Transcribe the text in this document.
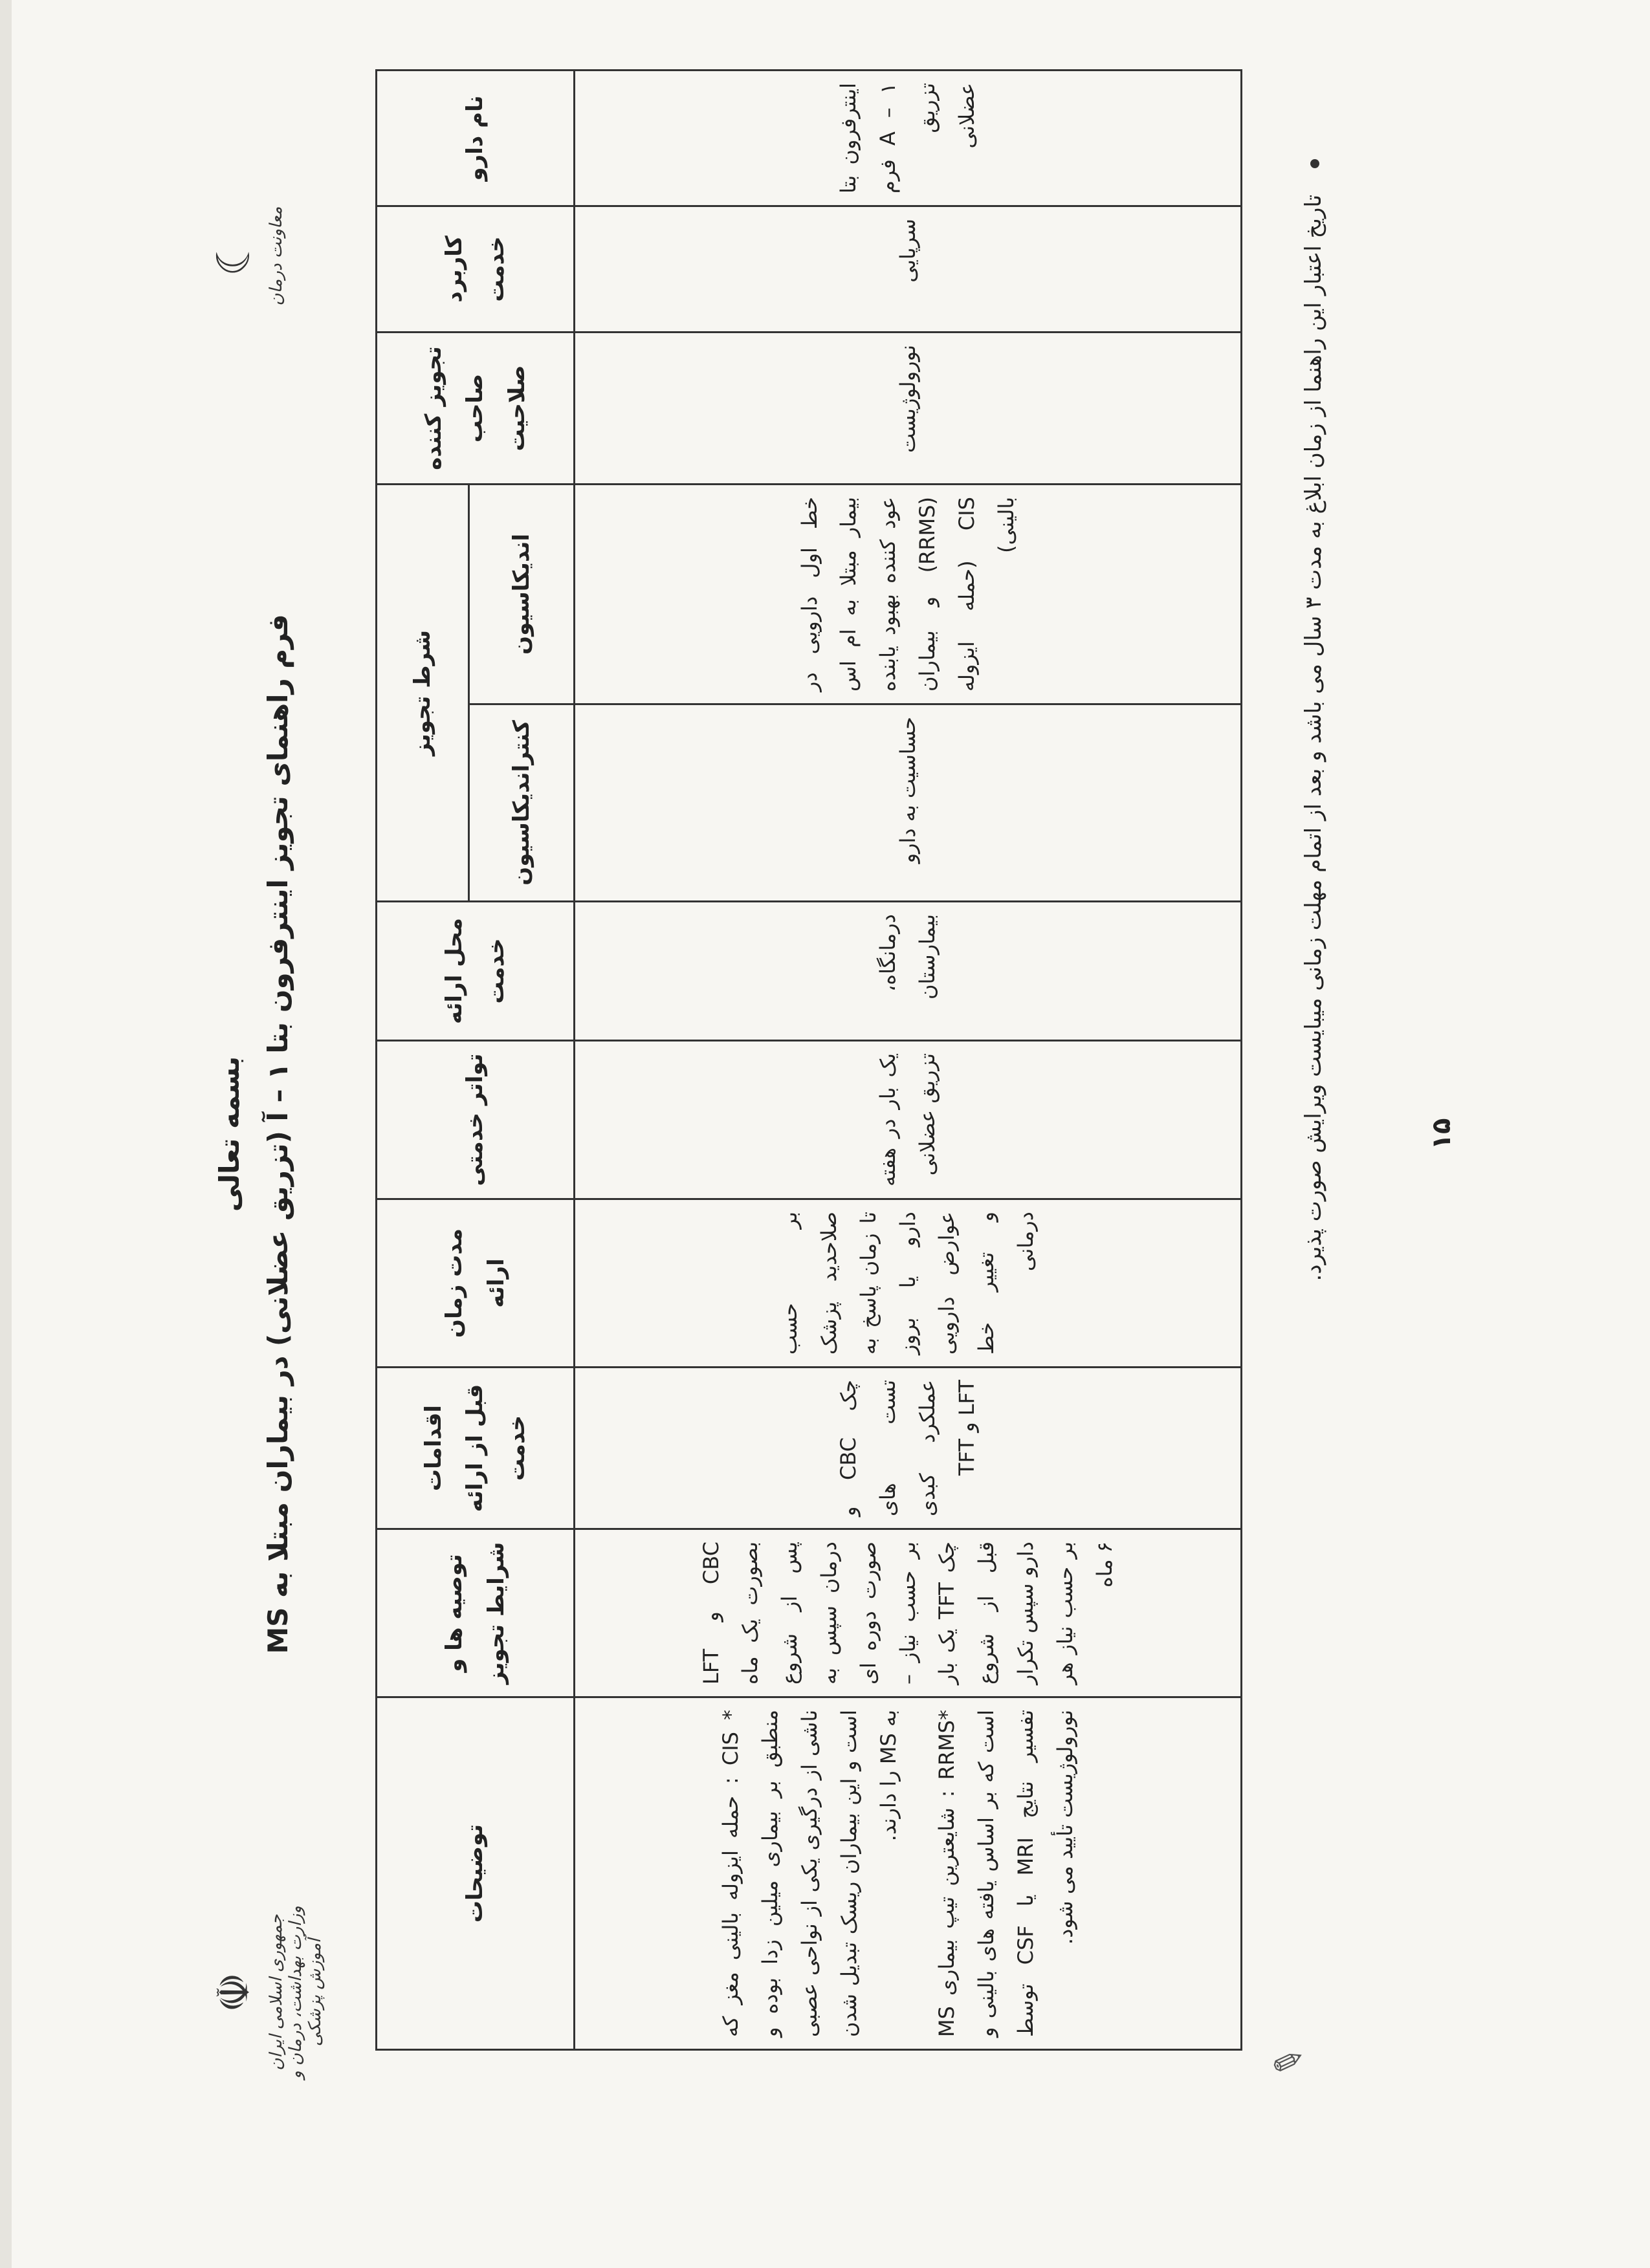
☫ جمهوری اسلامی ایران وزارت بهداشت، درمان و آموزش پزشکی
☾ معاونت درمان
بسمه تعالی
فرم راهنمای تجویز اینترفرون بتا ۱ – آ (تزریق عضلانی) در بیماران مبتلا به MS
نام دارو	کاربرد خدمت	تجویز کننده صاحب صلاحیت	شرط تجویز		محل ارائه خدمت	تواتر خدمتی	مدت زمان ارائه	اقدامات قبل از ارائه خدمت	توصیه ها و شرایط تجویز	توضیحات
			اندیکاسیون	کنتراندیکاسیون						
اینترفرون بتا A – ۱ فرم تزریق عضلانی	سرپایی	نورولوژیست	خط اول دارویی در بیمار مبتلا به ام اس عود کننده بهبود یابنده (RRMS) و بیماران CIS (حمله ایزوله بالینی)	حساسیت به دارو	درمانگاه، بیمارستان	یک بار در هفته تزریق عضلانی	بر حسب صلاحدید پزشک تا زمان پاسخ به دارو یا بروز عوارض دارویی و تغییر خط درمانی	چک CBC و تست های عملکرد کبدی LFT و TFT	CBC و LFT بصورت یک ماه پس از شروع درمان سپس به صورت دوره ای بر حسب نیاز – چک TFT یک بار قبل از شروع دارو سپس تکرار بر حسب نیاز هر ۶ ماه	* CIS : حمله ایزوله بالینی مغز که منطبق بر بیماری میلین زدا بوده و ناشی از درگیری یکی از نواحی عصبی است و این بیماران ریسک تبدیل شدن به MS را دارند.

*RRMS : شایعترین تیپ بیماری MS است که بر اساس یافته های بالینی و تفسیر نتایج MRI یا CSF توسط نورولوژیست تأیید می شود.

تاریخ اعتبار این راهنما از زمان ابلاغ به مدت ۳ سال می باشد و بعد از اتمام مهلت زمانی میبایست ویرایش صورت پذیرد.
۱۵
✎
